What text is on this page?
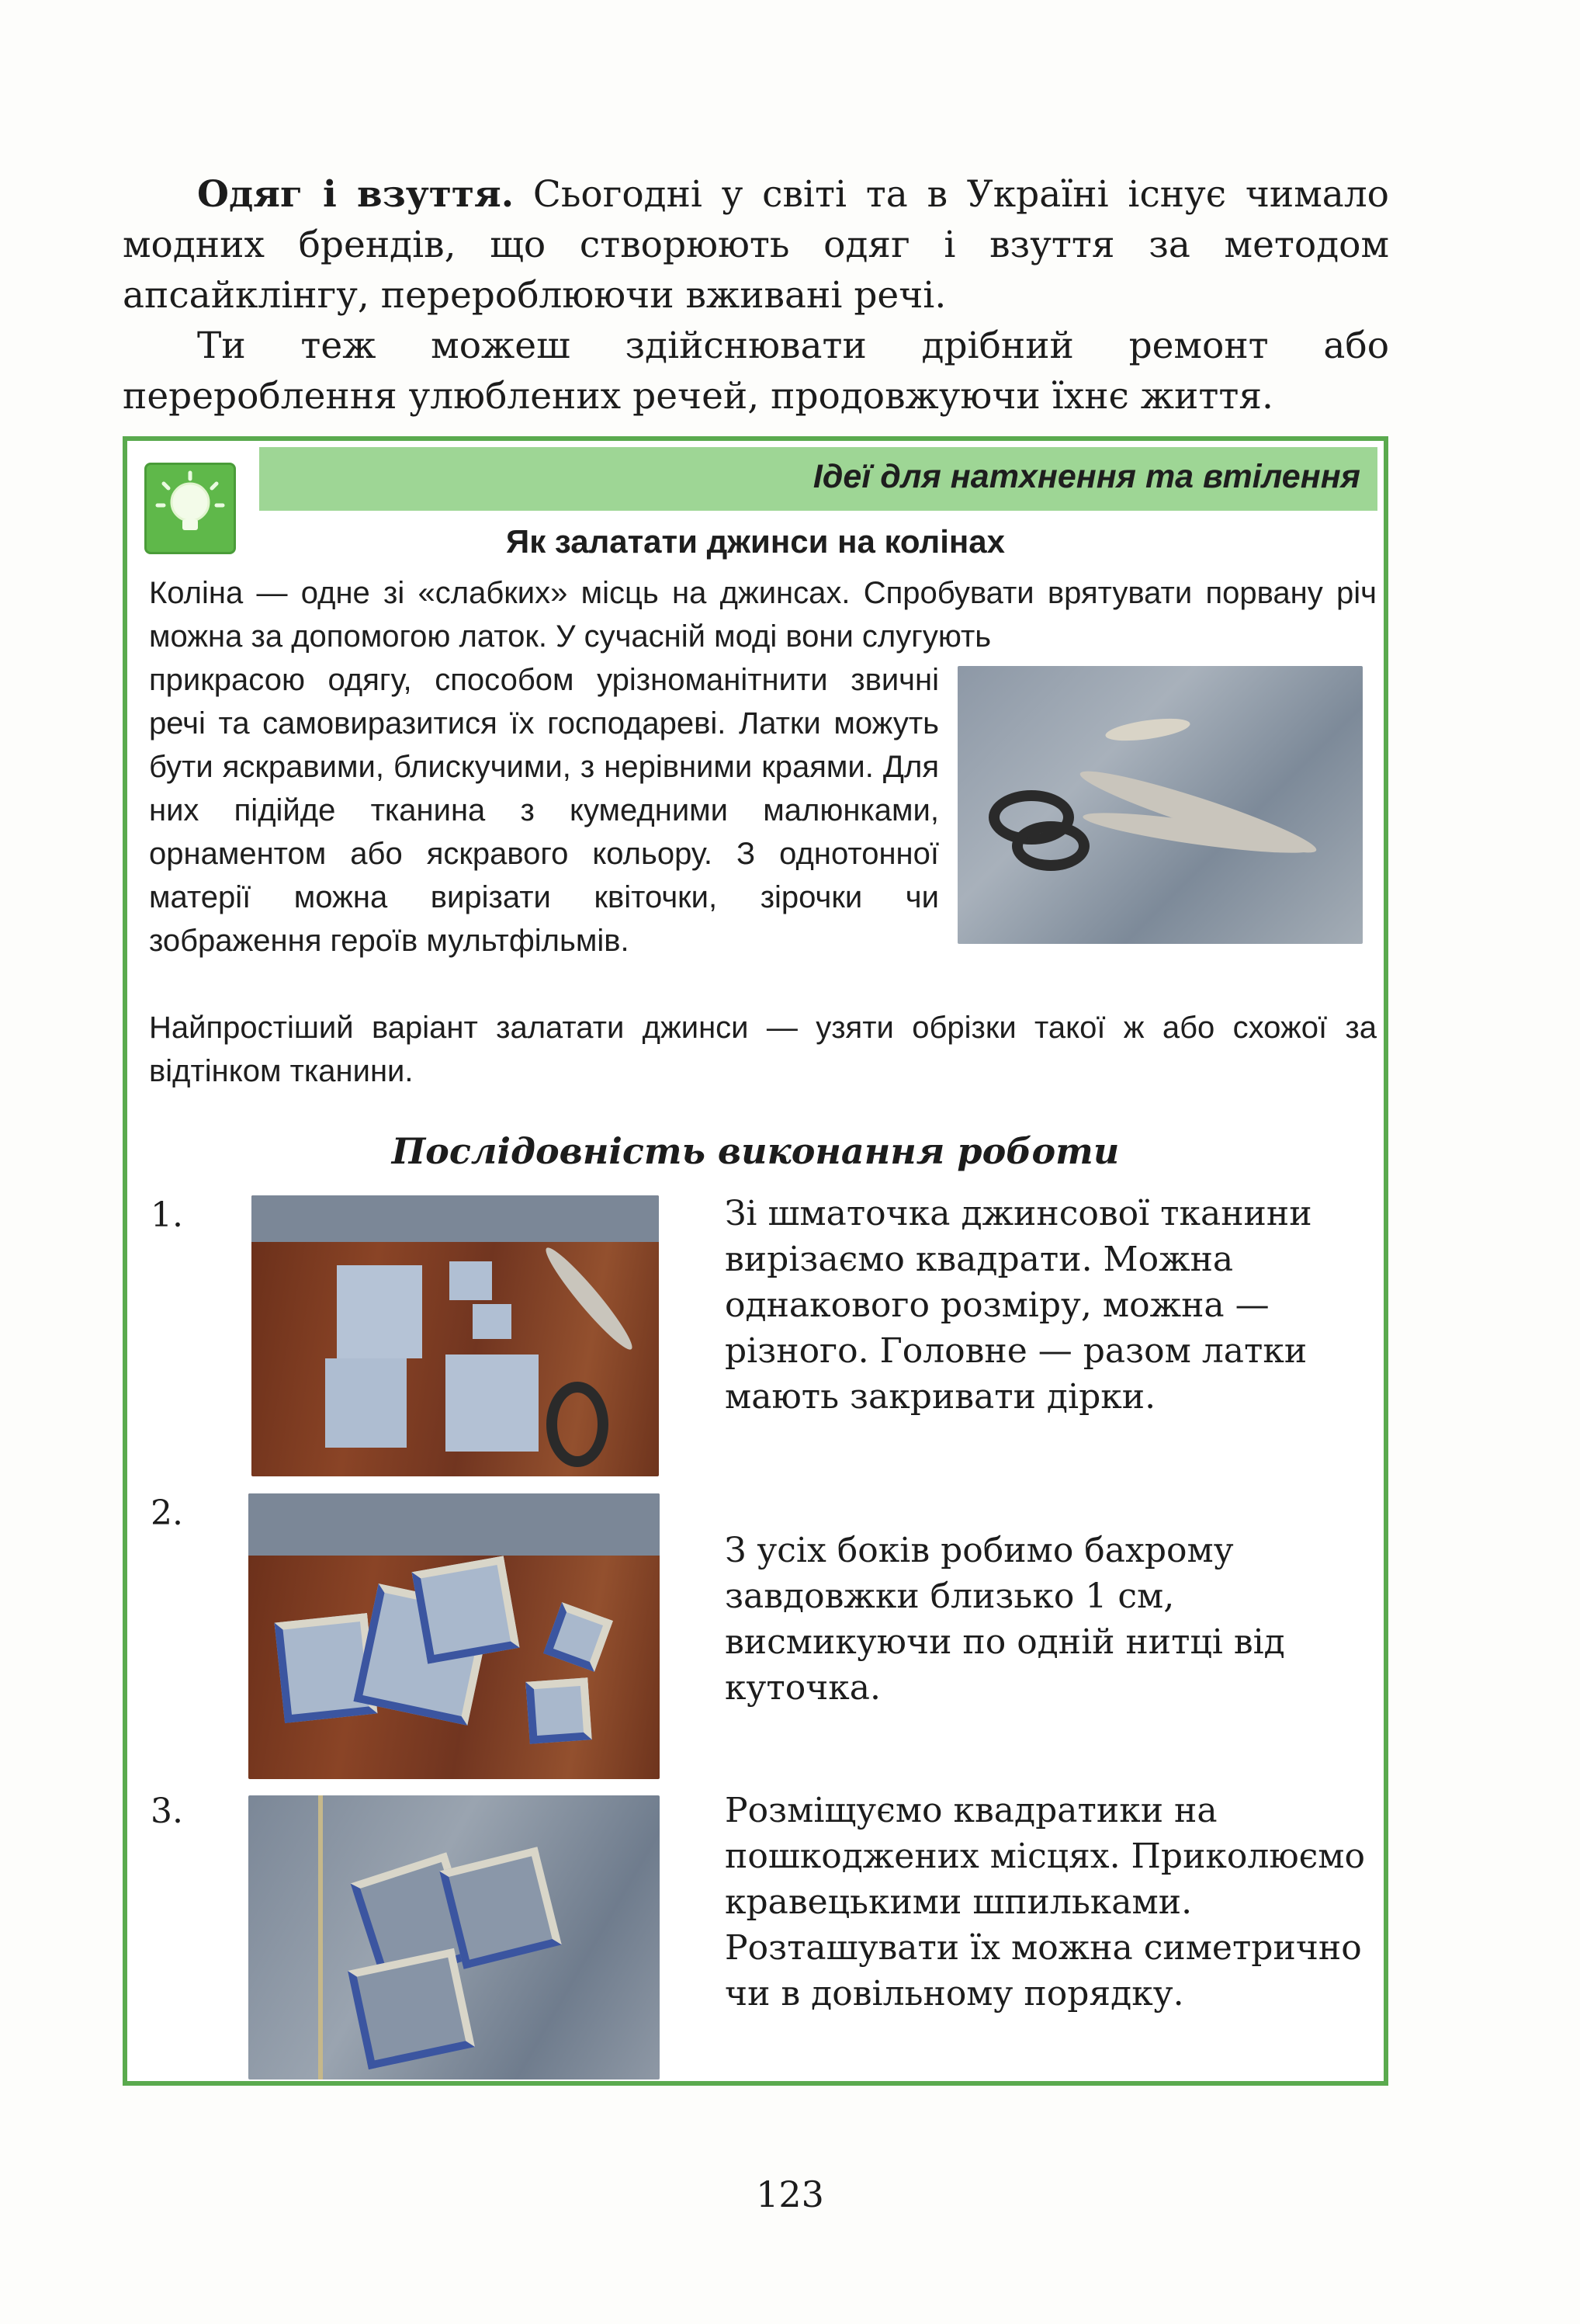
Одяг і взуття. Сьогодні у світі та в Україні існує чимало модних брендів, що створюють одяг і взуття за методом апсайклінгу, перероблюючи вживані речі.

Ти теж можеш здійснювати дрібний ремонт або перероблення улюблених речей, продовжуючи їхнє життя.

Ідеї для натхнення та втілення
Як залатати джинси на колінах
Коліна — одне зі «слабких» місць на джинсах. Спробувати врятувати порвану річ можна за допомогою латок. У сучасній моді вони слугують
прикрасою одягу, способом урізноманітнити звичні речі та самовиразитися їх господареві. Латки можуть бути яскравими, блискучими, з нерівними краями. Для них підійде тканина з кумедними малюнками, орнаментом або яскравого кольору. З однотонної матерії можна вирізати квіточки, зірочки чи зображення героїв мультфільмів.
Найпростіший варіант залатати джинси — узяти обрізки такої ж або схожої за відтінком тканини.
Послідовність виконання роботи
1.	Зі шматочка джинсової тканини вирізаємо квадрати. Можна однакового розміру, можна — різного. Головне — разом латки мають закривати дірки.
2.
З усіх боків робимо бахрому завдовжки близько 1 см, висмикуючи по одній нитці від куточка.
3.	Розміщуємо квадратики на пошкоджених місцях. Приколюємо кравецькими шпильками. Розташувати їх можна симетрично чи в довільному порядку.
123
